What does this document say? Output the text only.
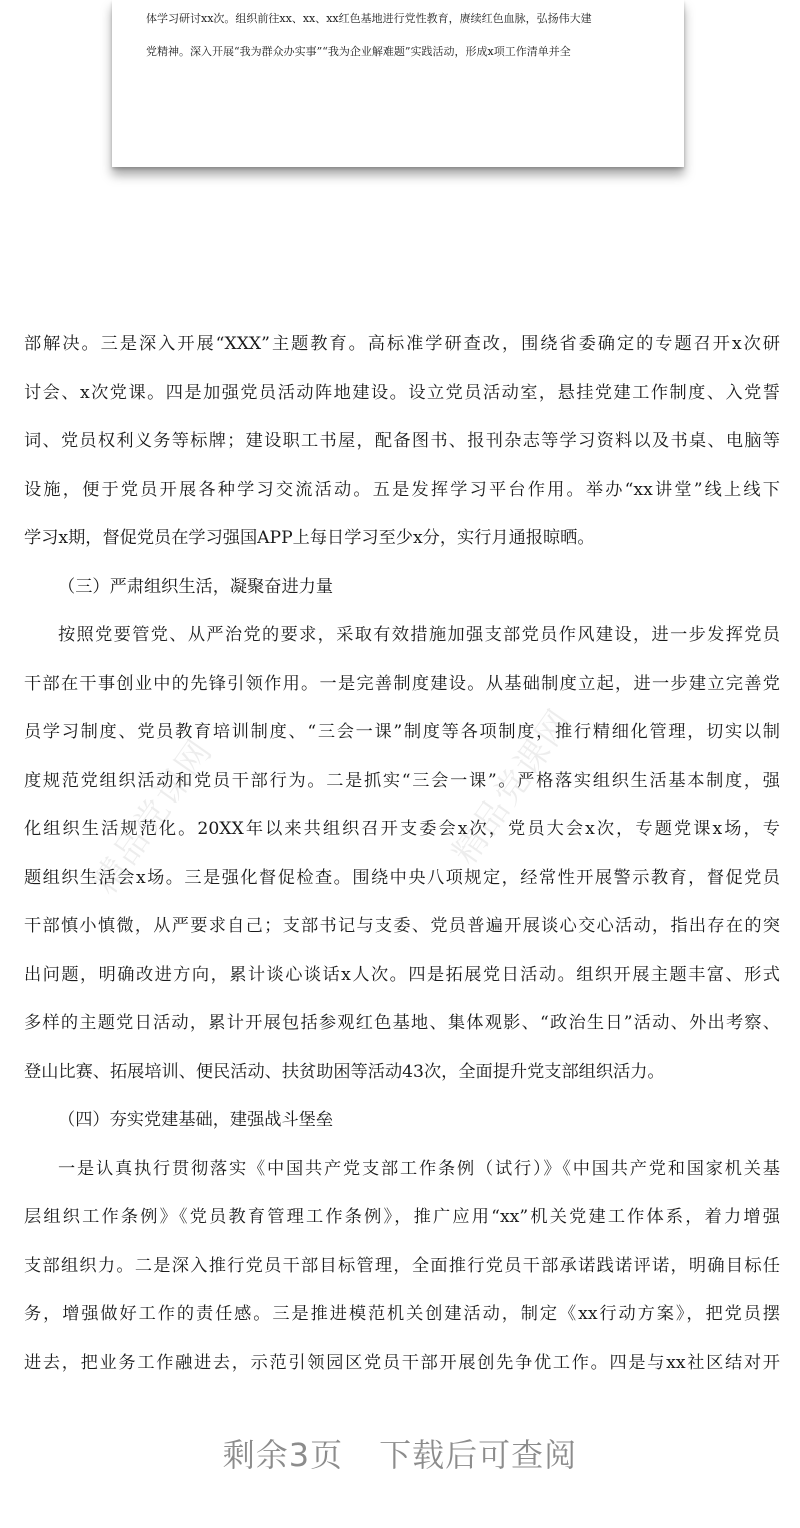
体学习研讨xx次。组织前往xx、xx、xx红色基地进行党性教育，赓续红色血脉，弘扬伟大建
党精神。深入开展“我为群众办实事”“我为企业解难题”实践活动，形成x项工作清单并全
精品党课网	精品党课网
部解决。三是深入开展“XXX”主题教育。高标准学研查改，围绕省委确定的专题召开x次研
讨会、x次党课。四是加强党员活动阵地建设。设立党员活动室，悬挂党建工作制度、入党誓
词、党员权利义务等标牌；建设职工书屋，配备图书、报刊杂志等学习资料以及书桌、电脑等
设施，便于党员开展各种学习交流活动。五是发挥学习平台作用。举办“xx讲堂”线上线下
学习x期，督促党员在学习强国APP上每日学习至少x分，实行月通报晾晒。
（三）严肃组织生活，凝聚奋进力量
按照党要管党、从严治党的要求，采取有效措施加强支部党员作风建设，进一步发挥党员
干部在干事创业中的先锋引领作用。一是完善制度建设。从基础制度立起，进一步建立完善党
员学习制度、党员教育培训制度、“三会一课”制度等各项制度，推行精细化管理，切实以制
度规范党组织活动和党员干部行为。二是抓实“三会一课”。严格落实组织生活基本制度，强
化组织生活规范化。20XX年以来共组织召开支委会x次，党员大会x次，专题党课x场，专
题组织生活会x场。三是强化督促检查。围绕中央八项规定，经常性开展警示教育，督促党员
干部慎小慎微，从严要求自己；支部书记与支委、党员普遍开展谈心交心活动，指出存在的突
出问题，明确改进方向，累计谈心谈话x人次。四是拓展党日活动。组织开展主题丰富、形式
多样的主题党日活动，累计开展包括参观红色基地、集体观影、“政治生日”活动、外出考察、
登山比赛、拓展培训、便民活动、扶贫助困等活动43次，全面提升党支部组织活力。
（四）夯实党建基础，建强战斗堡垒
一是认真执行贯彻落实《中国共产党支部工作条例（试行）》《中国共产党和国家机关基
层组织工作条例》《党员教育管理工作条例》，推广应用“xx”机关党建工作体系，着力增强
支部组织力。二是深入推行党员干部目标管理，全面推行党员干部承诺践诺评诺，明确目标任
务，增强做好工作的责任感。三是推进模范机关创建活动，制定《xx行动方案》，把党员摆
进去，把业务工作融进去，示范引领园区党员干部开展创先争优工作。四是与xx社区结对开
剩余3页 下载后可查阅
